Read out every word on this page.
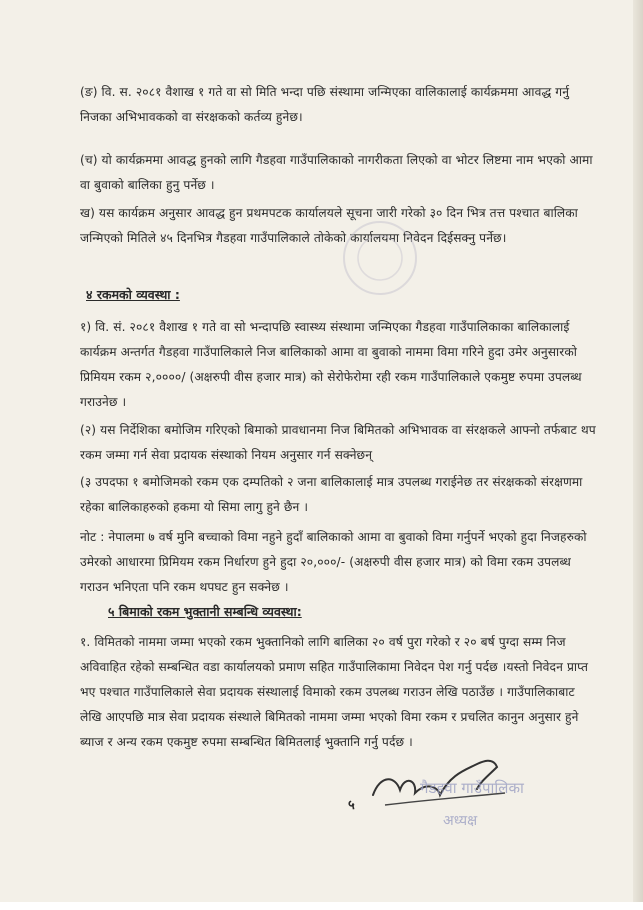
(ङ) वि. स. २०८१ वैशाख १ गते वा सो मिति भन्दा पछि संस्थामा जन्मिएका वालिकालाई कार्यक्रममा आवद्ध गर्नु निजका अभिभावकको वा संरक्षकको कर्तव्य हुनेछ।

(च) यो कार्यक्रममा आवद्ध हुनको लागि गैडहवा गाउँपालिकाको नागरीकता लिएको वा भोटर लिष्टमा नाम भएको आमा वा बुवाको बालिका हुनु पर्नेछ ।

ख) यस कार्यक्रम अनुसार आवद्ध हुन प्रथमपटक कार्यालयले सूचना जारी गरेको ३० दिन भित्र तत्त पश्चात बालिका जन्मिएको मितिले ४५ दिनभित्र गैडहवा गाउँपालिकाले तोकेको कार्यालयमा निवेदन दिईसक्नु पर्नेछ।

४ रकमको व्यवस्था :

१) वि. सं. २०८१ वैशाख १ गते वा सो भन्दापछि स्वास्थ्य संस्थामा जन्मिएका गैडहवा गाउँपालिकाका बालिकालाई कार्यक्रम अन्तर्गत गैडहवा गाउँपालिकाले निज बालिकाको आमा वा बुवाको नाममा विमा गरिने हुदा उमेर अनुसारको प्रिमियम रकम २,००००/ (अक्षरुपी वीस हजार मात्र) को सेरोफेरोमा रही रकम गाउँपालिकाले एकमुष्ट रुपमा उपलब्ध गराउनेछ ।

(२) यस निर्देशिका बमोजिम गरिएको बिमाको प्रावधानमा निज बिमितको अभिभावक वा संरक्षकले आफ्नो तर्फबाट थप रकम जम्मा गर्न सेवा प्रदायक संस्थाको नियम अनुसार गर्न सक्नेछन्

(३ उपदफा १ बमोजिमको रकम एक दम्पतिको २ जना बालिकालाई मात्र उपलब्ध गराईनेछ तर संरक्षकको संरक्षणमा रहेका बालिकाहरुको हकमा यो सिमा लागु हुने छैन ।

नोट : नेपालमा ७ वर्ष मुनि बच्चाको विमा नहुने हुदाँ बालिकाको आमा वा बुवाको विमा गर्नुपर्ने भएको हुदा निजहरुको उमेरको आधारमा प्रिमियम रकम निर्धारण हुने हुदा २०,०००/- (अक्षरुपी वीस हजार मात्र) को विमा रकम उपलब्ध गराउन भनिएता पनि रकम थपघट हुन सक्नेछ ।

५ बिमाको रकम भुक्तानी सम्बन्धि व्यवस्था:

१. विमितको नाममा जम्मा भएको रकम भुक्तानिको लागि बालिका २० वर्ष पुरा गरेको र २० बर्ष पुग्दा सम्म निज अविवाहित रहेको सम्बन्धित वडा कार्यालयको प्रमाण सहित गाउँपालिकामा निवेदन पेश गर्नु पर्दछ ।यस्तो निवेदन प्राप्त भए पश्चात गाउँपालिकाले सेवा प्रदायक संस्थालाई विमाको रकम उपलब्ध गराउन लेखि पठाउँछ । गाउँपालिकाबाट लेखि आएपछि मात्र सेवा प्रदायक संस्थाले बिमितको नाममा जम्मा भएको विमा रकम र प्रचलित कानुन अनुसार हुने ब्याज र अन्य रकम एकमुष्ट रुपमा सम्बन्धित बिमितलाई भुक्तानि गर्नु पर्दछ ।

५
गैडहवा गाउँपालिका
अध्यक्ष
